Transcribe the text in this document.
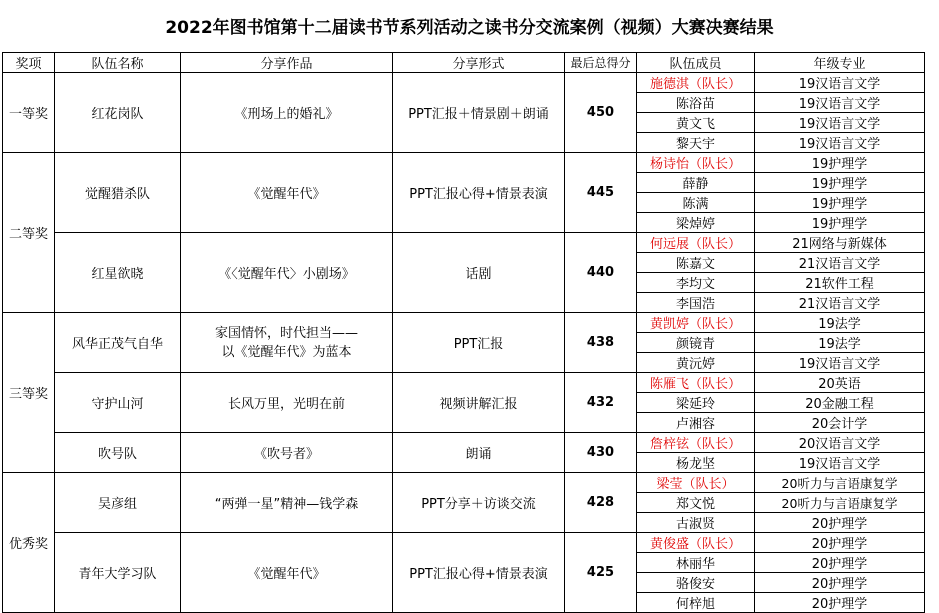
2022年图书馆第十二届读书节系列活动之读书分交流案例（视频）大赛决赛结果
奖项	队伍名称	分享作品	分享形式	最后总得分	队伍成员	年级专业
一等奖	红花岗队	《刑场上的婚礼》	PPT汇报＋情景剧＋朗诵	450	施德淇（队长）	19汉语言文学
					陈浴苗	19汉语言文学
					黄文飞	19汉语言文学
					黎天宇	19汉语言文学
二等奖	觉醒猎杀队	《觉醒年代》	PPT汇报心得+情景表演	445	杨诗怡（队长）	19护理学
					薛静	19护理学
					陈满	19护理学
					梁焯婷	19护理学
	红星欲晓	《〈觉醒年代〉小剧场》	话剧	440	何远展（队长）	21网络与新媒体
					陈嘉文	21汉语言文学
					李均文	21软件工程
					李国浩	21汉语言文学
三等奖	风华正茂气自华	家国情怀，时代担当——
以《觉醒年代》为蓝本	PPT汇报	438	黄凯婷（队长）	19法学
					颜镜青	19法学
					黄沅婷	19汉语言文学
	守护山河	长风万里，光明在前	视频讲解汇报	432	陈雁飞（队长）	20英语
					梁延玲	20金融工程
					卢湘容	20会计学
	吹号队	《吹号者》	朗诵	430	詹梓铉（队长）	20汉语言文学
					杨龙坚	19汉语言文学
优秀奖	吴彦组	“两弹一星”精神—钱学森	PPT分享＋访谈交流	428	梁莹（队长）	20听力与言语康复学
					郑文悦	20听力与言语康复学
					古淑贤	20护理学
	青年大学习队	《觉醒年代》	PPT汇报心得+情景表演	425	黄俊盛（队长）	20护理学
					林丽华	20护理学
					骆俊安	20护理学
					何梓旭	20护理学
